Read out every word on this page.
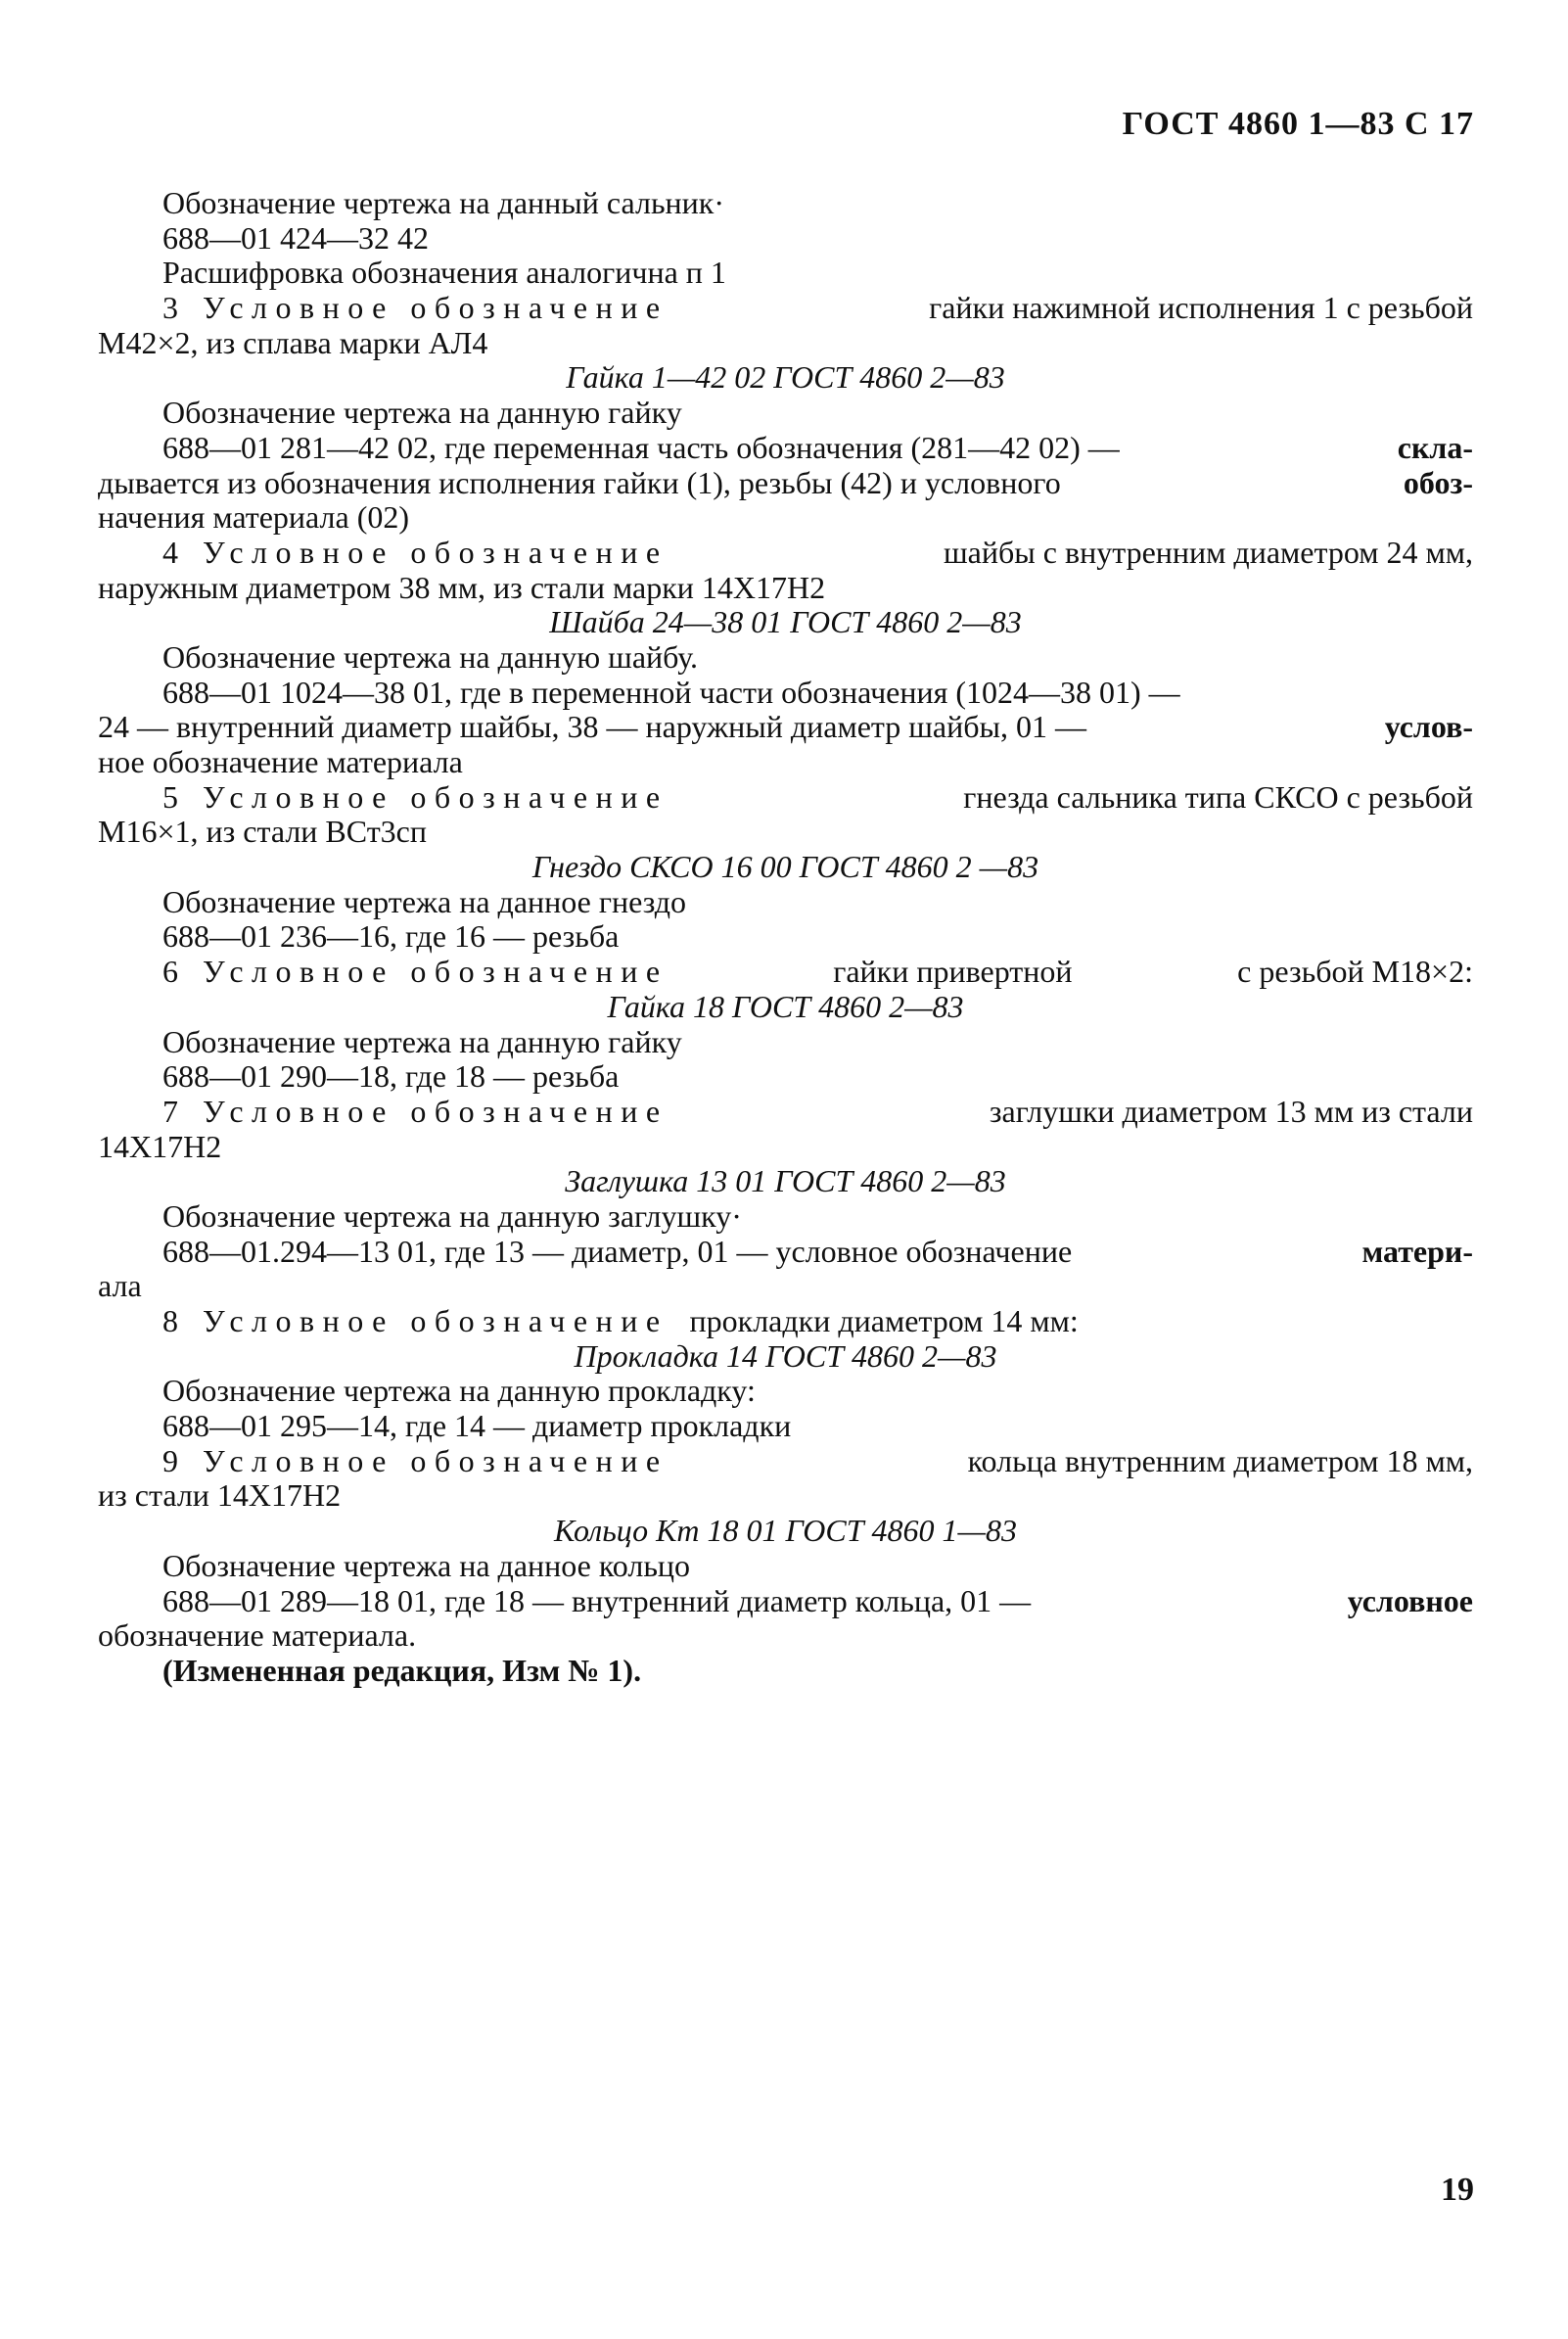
ГОСТ 4860 1—83 С 17
Обозначение чертежа на данный сальник·
688—01 424—32 42
Расшифровка обозначения аналогична п 1
3 Условное обозначение	гайки нажимной исполнения 1 с резьбой
М42×2, из сплава марки АЛ4
Гайка 1—42 02 ГОСТ 4860 2—83
Обозначение чертежа на данную гайку
688—01 281—42 02, где переменная часть обозначения (281—42 02) —	скла-
дывается из обозначения исполнения гайки (1), резьбы (42) и условного	обоз-
начения материала (02)
4 Условное обозначение	шайбы с внутренним диаметром 24 мм,
наружным диаметром 38 мм, из стали марки 14Х17Н2
Шайба 24—38 01 ГОСТ 4860 2—83
Обозначение чертежа на данную шайбу.
688—01 1024—38 01, где в переменной части обозначения (1024—38 01) —
24 — внутренний диаметр шайбы, 38 — наружный диаметр шайбы, 01 —	услов-
ное обозначение материала
5 Условное обозначение	гнезда сальника типа СКСО с резьбой
М16×1, из стали ВСт3сп
Гнездо СКСО 16 00 ГОСТ 4860 2 —83
Обозначение чертежа на данное гнездо
688—01 236—16, где 16 — резьба
6 Условное обозначение	гайки привертной	с резьбой М18×2:
Гайка 18 ГОСТ 4860 2—83
Обозначение чертежа на данную гайку
688—01 290—18, где 18 — резьба
7 Условное обозначение	заглушки диаметром 13 мм из стали
14Х17Н2
Заглушка 13 01 ГОСТ 4860 2—83
Обозначение чертежа на данную заглушку·
688—01.294—13 01, где 13 — диаметр, 01 — условное обозначение	матери-
ала
8 Условное обозначение прокладки диаметром 14 мм:
Прокладка 14 ГОСТ 4860 2—83
Обозначение чертежа на данную прокладку:
688—01 295—14, где 14 — диаметр прокладки
9 Условное обозначение	кольца внутренним диаметром 18 мм,
из стали 14Х17Н2
Кольцо Кт 18 01 ГОСТ 4860 1—83
Обозначение чертежа на данное кольцо
688—01 289—18 01, где 18 — внутренний диаметр кольца, 01 —	условное
обозначение материала.
(Измененная редакция, Изм № 1).
19
